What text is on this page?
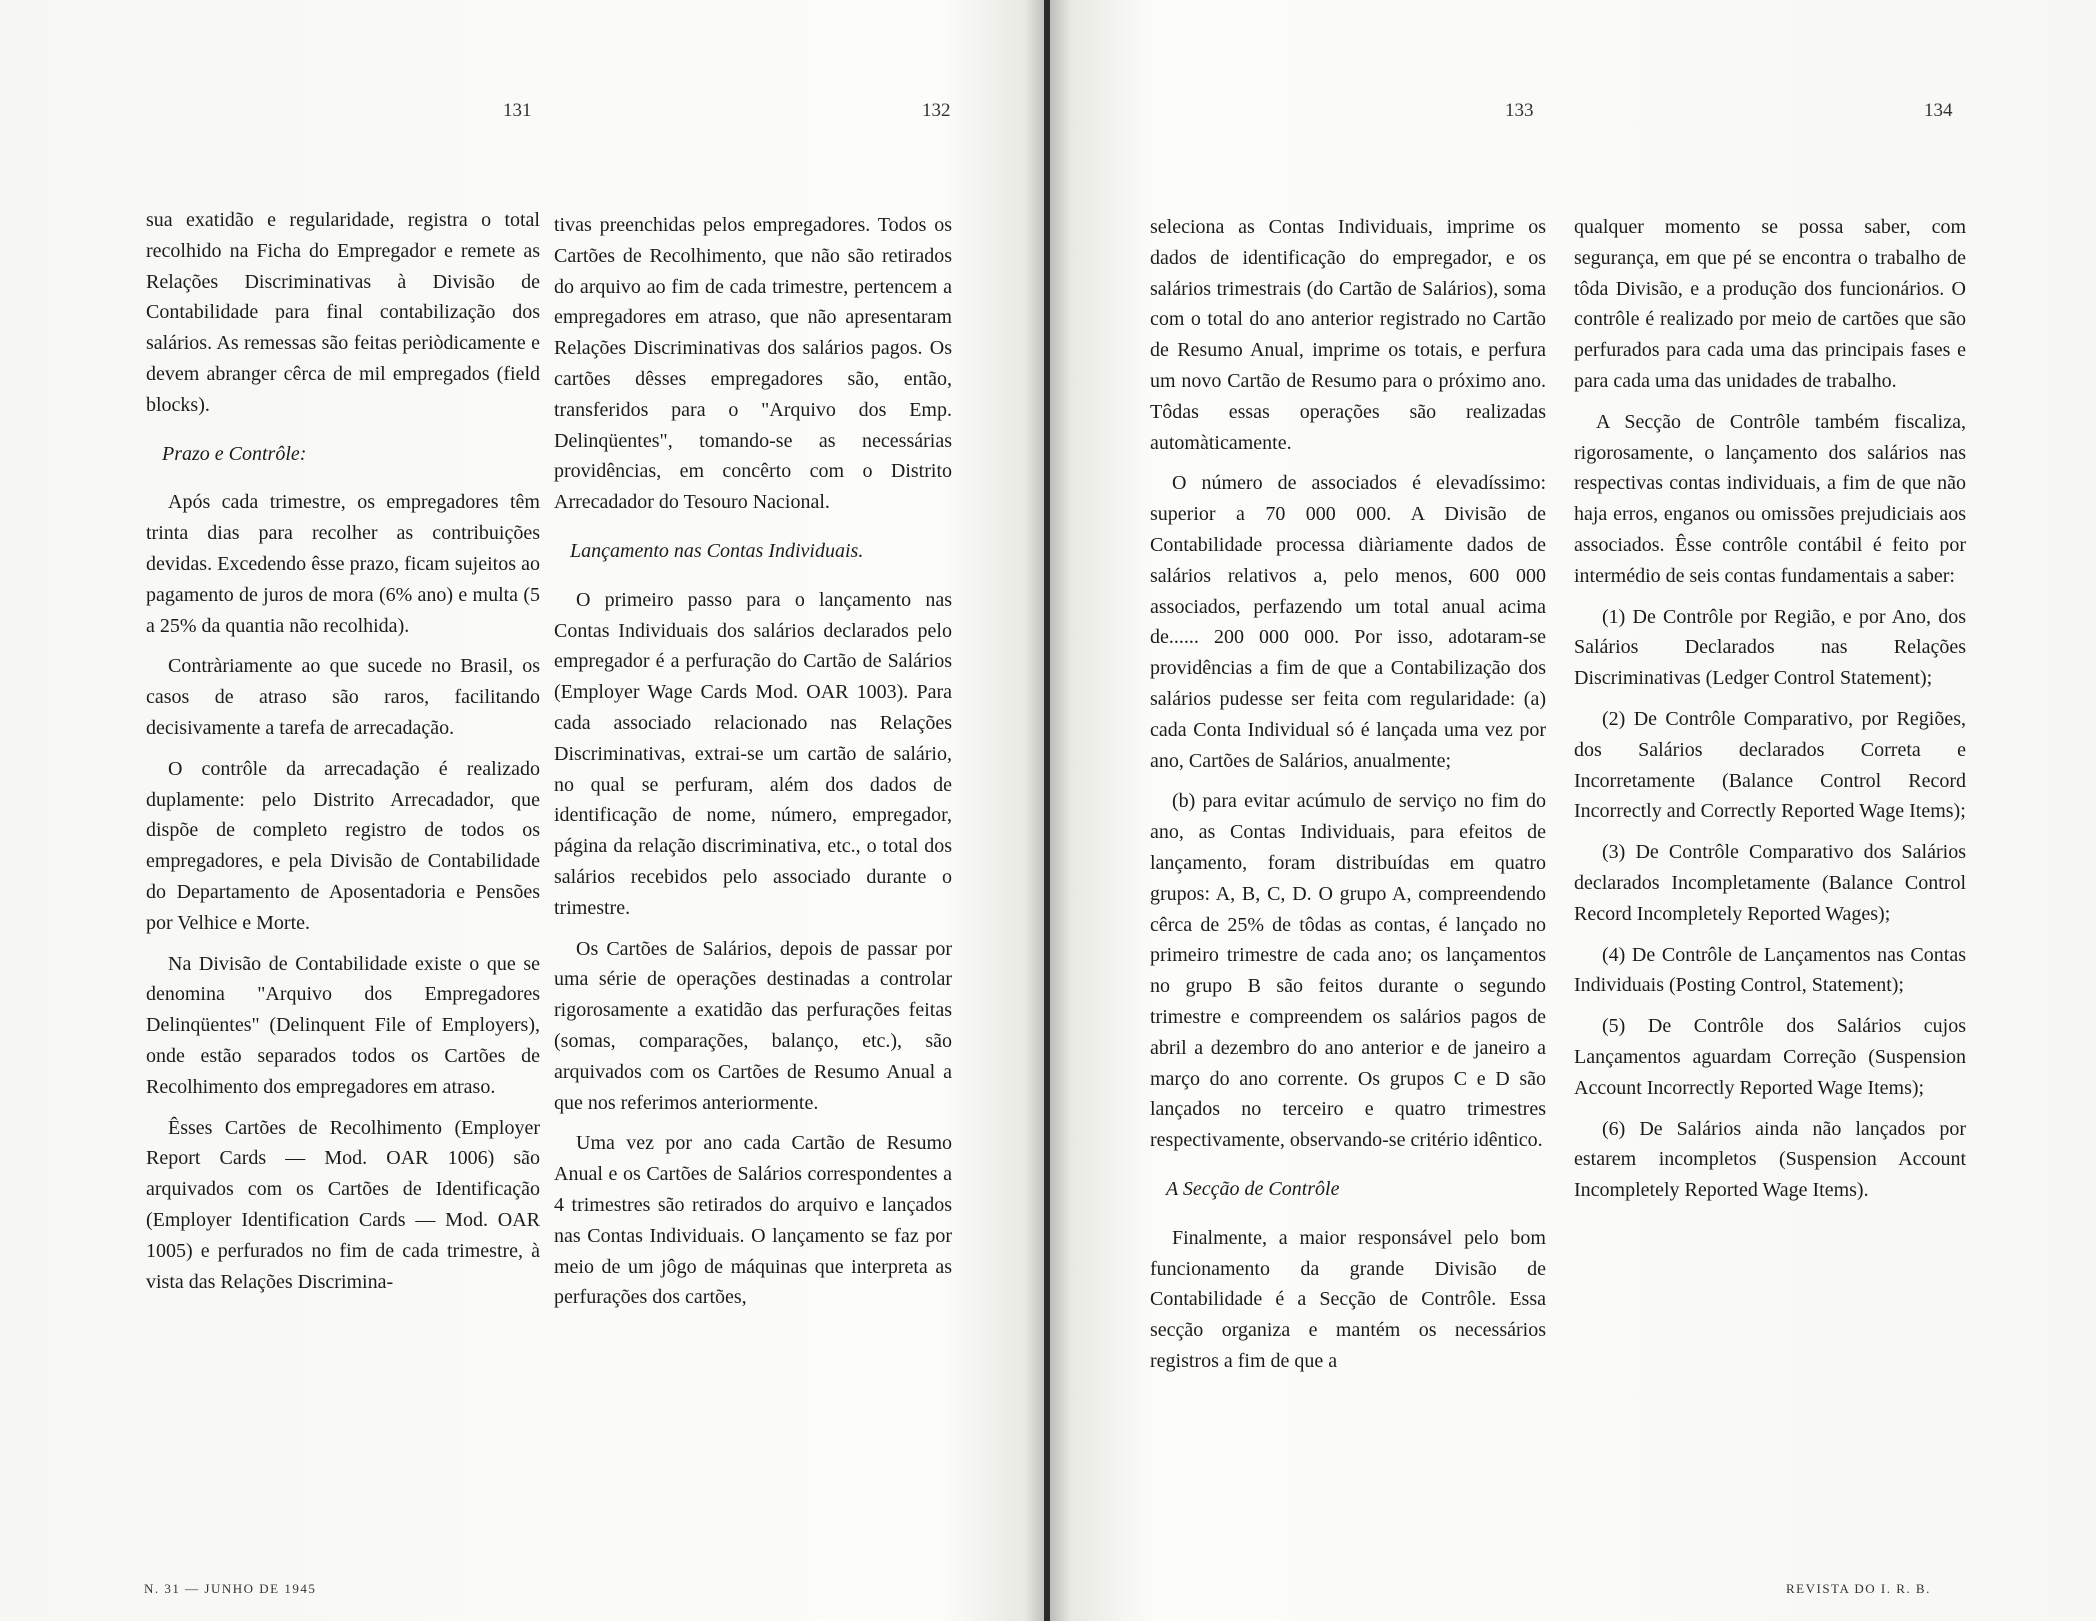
131	132

sua exatidão e regularidade, registra o total recolhido na Ficha do Empregador e remete as Relações Discriminativas à Divisão de Contabilidade para final contabilização dos salários. As remessas são feitas periòdicamente e devem abranger cêrca de mil empregados (field blocks).

Prazo e Contrôle:

Após cada trimestre, os empregadores têm trinta dias para recolher as contribuições devidas. Excedendo êsse prazo, ficam sujeitos ao pagamento de juros de mora (6% ano) e multa (5 a 25% da quantia não recolhida).

Contràriamente ao que sucede no Brasil, os casos de atraso são raros, facilitando decisivamente a tarefa de arrecadação.

O contrôle da arrecadação é realizado duplamente: pelo Distrito Arrecadador, que dispõe de completo registro de todos os empregadores, e pela Divisão de Contabilidade do Departamento de Aposentadoria e Pensões por Velhice e Morte.

Na Divisão de Contabilidade existe o que se denomina "Arquivo dos Empregadores Delinqüentes" (Delinquent File of Employers), onde estão separados todos os Cartões de Recolhimento dos empregadores em atraso.

Êsses Cartões de Recolhimento (Employer Report Cards — Mod. OAR 1006) são arquivados com os Cartões de Identificação (Employer Identification Cards — Mod. OAR 1005) e perfurados no fim de cada trimestre, à vista das Relações Discrimina-

tivas preenchidas pelos empregadores. Todos os Cartões de Recolhimento, que não são retirados do arquivo ao fim de cada trimestre, pertencem a empregadores em atraso, que não apresentaram Relações Discriminativas dos salários pagos. Os cartões dêsses empregadores são, então, transferidos para o "Arquivo dos Emp. Delinqüentes", tomando-se as necessárias providências, em concêrto com o Distrito Arrecadador do Tesouro Nacional.

Lançamento nas Contas Individuais.

O primeiro passo para o lançamento nas Contas Individuais dos salários declarados pelo empregador é a perfuração do Cartão de Salários (Employer Wage Cards Mod. OAR 1003). Para cada associado relacionado nas Relações Discriminativas, extrai-se um cartão de salário, no qual se perfuram, além dos dados de identificação de nome, número, empregador, página da relação discriminativa, etc., o total dos salários recebidos pelo associado durante o trimestre.

Os Cartões de Salários, depois de passar por uma série de operações destinadas a controlar rigorosamente a exatidão das perfurações feitas (somas, comparações, balanço, etc.), são arquivados com os Cartões de Resumo Anual a que nos referimos anteriormente.

Uma vez por ano cada Cartão de Resumo Anual e os Cartões de Salários correspondentes a 4 trimestres são retirados do arquivo e lançados nas Contas Individuais. O lançamento se faz por meio de um jôgo de máquinas que interpreta as perfurações dos cartões,

N. 31 — JUNHO DE 1945
133	134

seleciona as Contas Individuais, imprime os dados de identificação do empregador, e os salários trimestrais (do Cartão de Salários), soma com o total do ano anterior registrado no Cartão de Resumo Anual, imprime os totais, e perfura um novo Cartão de Resumo para o próximo ano. Tôdas essas operações são realizadas automàticamente.

O número de associados é elevadíssimo: superior a 70 000 000. A Divisão de Contabilidade processa diàriamente dados de salários relativos a, pelo menos, 600 000 associados, perfazendo um total anual acima de...... 200 000 000. Por isso, adotaram-se providências a fim de que a Contabilização dos salários pudesse ser feita com regularidade: (a) cada Conta Individual só é lançada uma vez por ano, Cartões de Salários, anualmente;

(b) para evitar acúmulo de serviço no fim do ano, as Contas Individuais, para efeitos de lançamento, foram distribuídas em quatro grupos: A, B, C, D. O grupo A, compreendendo cêrca de 25% de tôdas as contas, é lançado no primeiro trimestre de cada ano; os lançamentos no grupo B são feitos durante o segundo trimestre e compreendem os salários pagos de abril a dezembro do ano anterior e de janeiro a março do ano corrente. Os grupos C e D são lançados no terceiro e quatro trimestres respectivamente, observando-se critério idêntico.

A Secção de Contrôle

Finalmente, a maior responsável pelo bom funcionamento da grande Divisão de Contabilidade é a Secção de Contrôle. Essa secção organiza e mantém os necessários registros a fim de que a

qualquer momento se possa saber, com segurança, em que pé se encontra o trabalho de tôda Divisão, e a produção dos funcionários. O contrôle é realizado por meio de cartões que são perfurados para cada uma das principais fases e para cada uma das unidades de trabalho.

A Secção de Contrôle também fiscaliza, rigorosamente, o lançamento dos salários nas respectivas contas individuais, a fim de que não haja erros, enganos ou omissões prejudiciais aos associados. Êsse contrôle contábil é feito por intermédio de seis contas fundamentais a saber:

(1) De Contrôle por Região, e por Ano, dos Salários Declarados nas Relações Discriminativas (Ledger Control Statement);

(2) De Contrôle Comparativo, por Regiões, dos Salários declarados Correta e Incorretamente (Balance Control Record Incorrectly and Correctly Reported Wage Items);

(3) De Contrôle Comparativo dos Salários declarados Incompletamente (Balance Control Record Incompletely Reported Wages);

(4) De Contrôle de Lançamentos nas Contas Individuais (Posting Control, Statement);

(5) De Contrôle dos Salários cujos Lançamentos aguardam Correção (Suspension Account Incorrectly Reported Wage Items);

(6) De Salários ainda não lançados por estarem incompletos (Suspension Account Incompletely Reported Wage Items).

REVISTA DO I. R. B.
